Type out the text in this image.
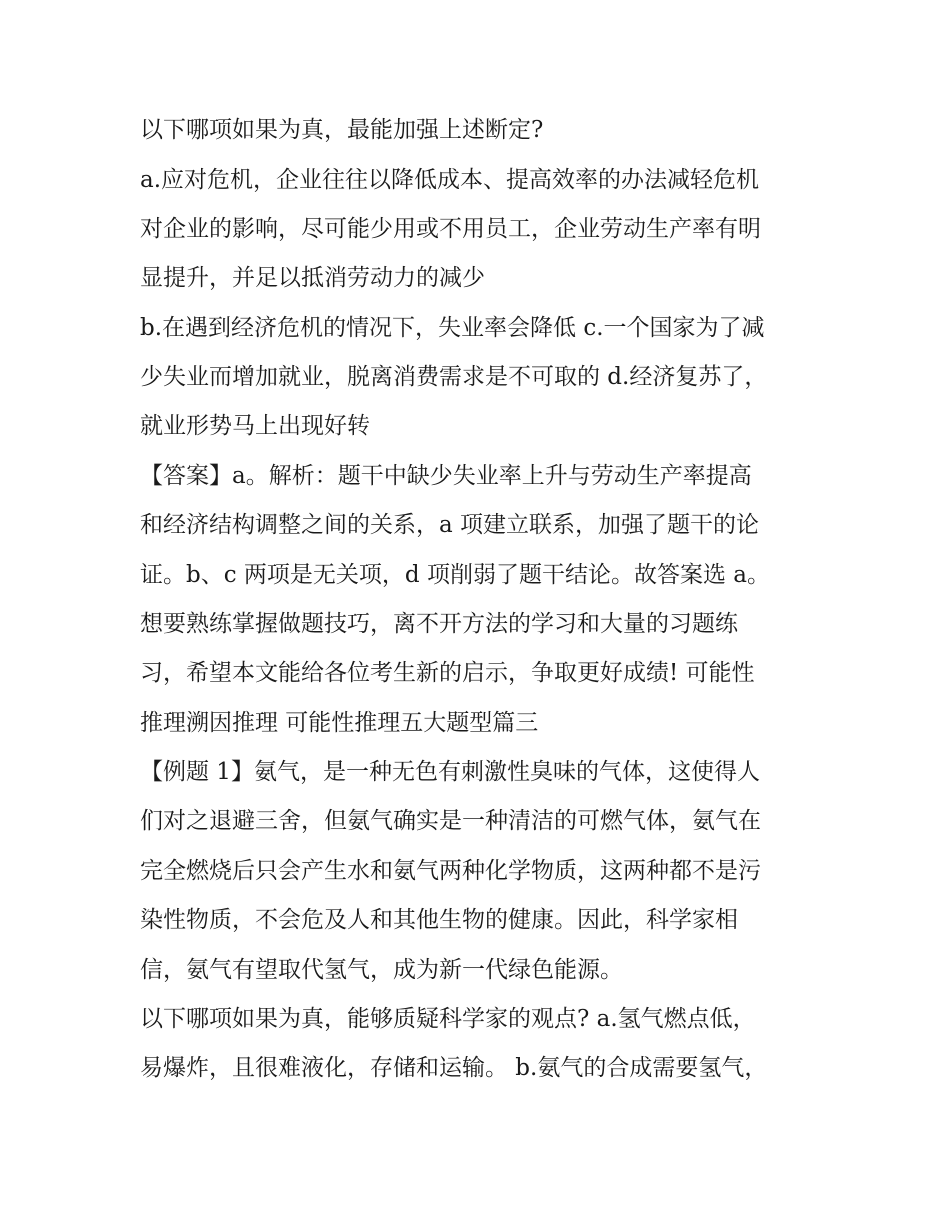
以下哪项如果为真，最能加强上述断定?
a.应对危机，企业往往以降低成本、提高效率的办法减轻危机
对企业的影响，尽可能少用或不用员工，企业劳动生产率有明
显提升，并足以抵消劳动力的减少
b.在遇到经济危机的情况下，失业率会降低 c.一个国家为了减
少失业而增加就业，脱离消费需求是不可取的 d.经济复苏了，
就业形势马上出现好转
【答案】a。解析：题干中缺少失业率上升与劳动生产率提高
和经济结构调整之间的关系，a 项建立联系，加强了题干的论
证。b、c 两项是无关项，d 项削弱了题干结论。故答案选 a。
想要熟练掌握做题技巧，离不开方法的学习和大量的习题练
习，希望本文能给各位考生新的启示，争取更好成绩! 可能性
推理溯因推理 可能性推理五大题型篇三
【例题 1】氨气，是一种无色有刺激性臭味的气体，这使得人
们对之退避三舍，但氨气确实是一种清洁的可燃气体，氨气在
完全燃烧后只会产生水和氨气两种化学物质，这两种都不是污
染性物质，不会危及人和其他生物的健康。因此，科学家相
信，氨气有望取代氢气，成为新一代绿色能源。
以下哪项如果为真，能够质疑科学家的观点? a.氢气燃点低，
易爆炸，且很难液化，存储和运输。 b.氨气的合成需要氢气，
